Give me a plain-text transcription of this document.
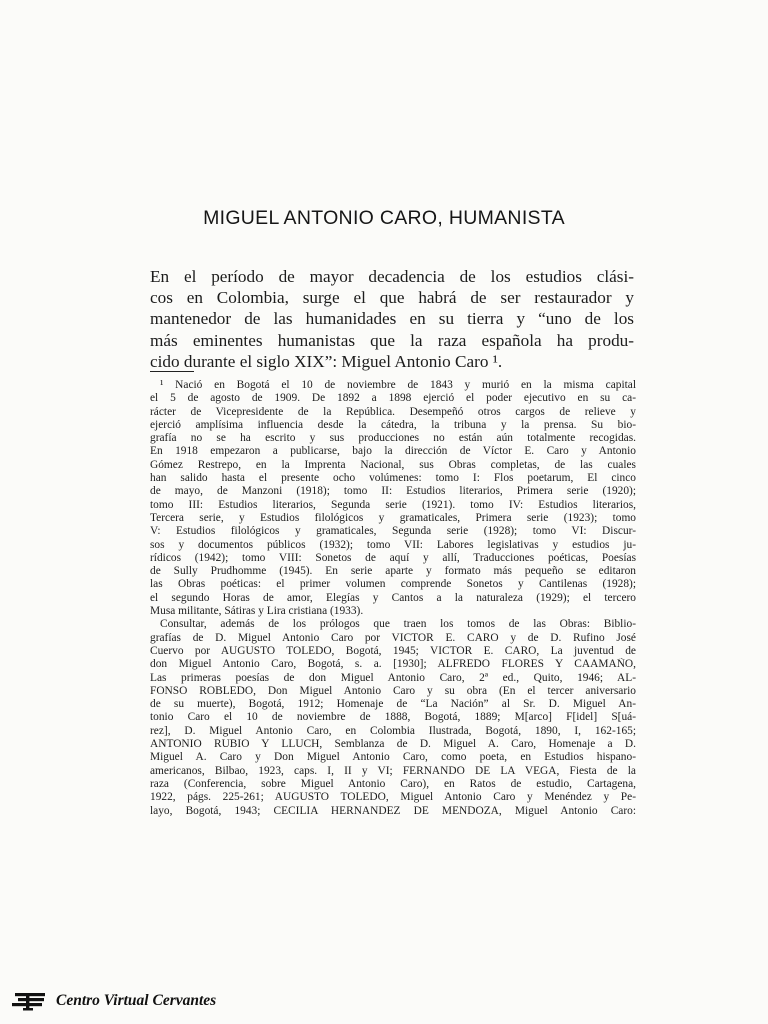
MIGUEL ANTONIO CARO, HUMANISTA
En el período de mayor decadencia de los estudios clási-
cos en Colombia, surge el que habrá de ser restaurador y
mantenedor de las humanidades en su tierra y “uno de los
más eminentes humanistas que la raza española ha produ-
cido durante el siglo XIX”: Miguel Antonio Caro ¹.
¹ Nació en Bogotá el 10 de noviembre de 1843 y murió en la misma capital
el 5 de agosto de 1909. De 1892 a 1898 ejerció el poder ejecutivo en su ca-
rácter de Vicepresidente de la República. Desempeñó otros cargos de relieve y
ejerció amplísima influencia desde la cátedra, la tribuna y la prensa. Su bio-
grafía no se ha escrito y sus producciones no están aún totalmente recogidas.
En 1918 empezaron a publicarse, bajo la dirección de Víctor E. Caro y Antonio
Gómez Restrepo, en la Imprenta Nacional, sus Obras completas, de las cuales
han salido hasta el presente ocho volúmenes: tomo I: Flos poetarum, El cinco
de mayo, de Manzoni (1918); tomo II: Estudios literarios, Primera serie (1920);
tomo III: Estudios literarios, Segunda serie (1921). tomo IV: Estudios literarios,
Tercera serie, y Estudios filológicos y gramaticales, Primera serie (1923); tomo
V: Estudios filológicos y gramaticales, Segunda serie (1928); tomo VI: Discur-
sos y documentos públicos (1932); tomo VII: Labores legislativas y estudios ju-
rídicos (1942); tomo VIII: Sonetos de aquí y allí, Traducciones poéticas, Poesías
de Sully Prudhomme (1945). En serie aparte y formato más pequeño se editaron
las Obras poéticas: el primer volumen comprende Sonetos y Cantilenas (1928);
el segundo Horas de amor, Elegías y Cantos a la naturaleza (1929); el tercero
Musa militante, Sátiras y Lira cristiana (1933).
Consultar, además de los prólogos que traen los tomos de las Obras: Biblio-
grafías de D. Miguel Antonio Caro por VICTOR E. CARO y de D. Rufino José
Cuervo por AUGUSTO TOLEDO, Bogotá, 1945; VICTOR E. CARO, La juventud de
don Miguel Antonio Caro, Bogotá, s. a. [1930]; ALFREDO FLORES Y CAAMAÑO,
Las primeras poesías de don Miguel Antonio Caro, 2ª ed., Quito, 1946; AL-
FONSO ROBLEDO, Don Miguel Antonio Caro y su obra (En el tercer aniversario
de su muerte), Bogotá, 1912; Homenaje de “La Nación” al Sr. D. Miguel An-
tonio Caro el 10 de noviembre de 1888, Bogotá, 1889; M[arco] F[idel] S[uá-
rez], D. Miguel Antonio Caro, en Colombia Ilustrada, Bogotá, 1890, I, 162-165;
ANTONIO RUBIO Y LLUCH, Semblanza de D. Miguel A. Caro, Homenaje a D.
Miguel A. Caro y Don Miguel Antonio Caro, como poeta, en Estudios hispano-
americanos, Bilbao, 1923, caps. I, II y VI; FERNANDO DE LA VEGA, Fiesta de la
raza (Conferencia, sobre Miguel Antonio Caro), en Ratos de estudio, Cartagena,
1922, págs. 225-261; AUGUSTO TOLEDO, Miguel Antonio Caro y Menéndez y Pe-
layo, Bogotá, 1943; CECILIA HERNANDEZ DE MENDOZA, Miguel Antonio Caro:
Centro Virtual Cervantes
